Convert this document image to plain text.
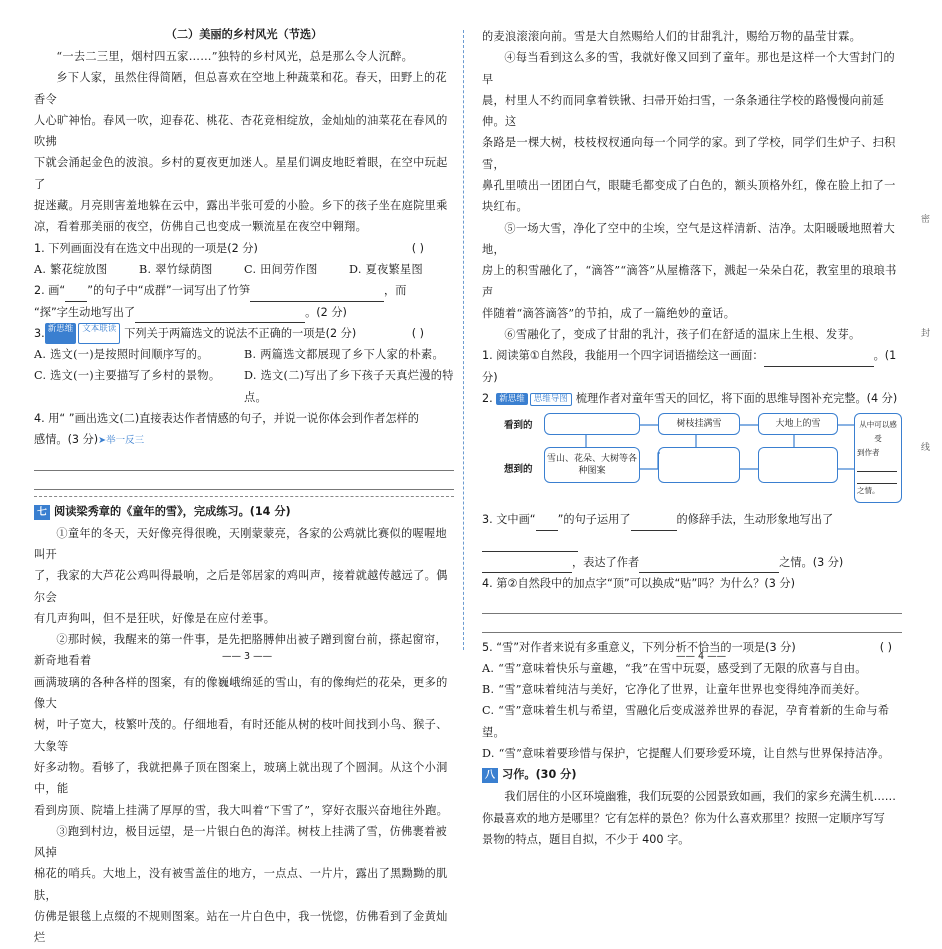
（二）美丽的乡村风光（节选）

“一去二三里，烟村四五家……”独特的乡村风光，总是那么令人沉醉。

乡下人家，虽然住得简陋，但总喜欢在空地上种蔬菜和花。春天，田野上的花香令

人心旷神怡。春风一吹，迎春花、桃花、杏花竞相绽放，金灿灿的油菜花在春风的吹拂

下就会涌起金色的波浪。乡村的夏夜更加迷人。星星们调皮地眨着眼，在空中玩起了

捉迷藏。月亮則害羞地躲在云中，露出半张可爱的小脸。乡下的孩子坐在庭院里乘

凉，看着那美丽的夜空，仿佛自己也变成一颗流星在夜空中翱翔。

1. 下列画面没有在选文中出现的一项是(2 分)	( )
A. 繁花绽放图	B. 翠竹绿荫图	C. 田间劳作图	D. 夏夜繁星图
2. 画“ ”的句子中“成群”一词写出了竹笋	，而
“探”字生动地写出了	。(2 分)
3. 新思维	文本联读 下列关于两篇选文的说法不正确的一项是(2 分)	( )
A. 选文(一)是按照时间顺序写的。	B. 两篇选文都展现了乡下人家的朴素。
C. 选文(一)主要描写了乡村的景物。	D. 选文(二)写出了乡下孩子天真烂漫的特点。
4. 用“ ”画出选文(二)直接表达作者情感的句子，并说一说你体会到作者怎样的
感情。(3 分)➤举一反三
七 阅读梁秀章的《童年的雪》，完成练习。(14 分)

①童年的冬天，天好像亮得很晚，天刚蒙蒙亮，各家的公鸡就比赛似的喔喔地叫开

了，我家的大芦花公鸡叫得最响，之后是邻居家的鸡叫声，接着就越传越远了。偶尔会

有几声狗叫，但不是狂吠，好像是在应付差事。

②那时候，我醒来的第一件事，是先把胳膊伸出被子蹭到窗台前，搽起窗帘，新奇地看着

画满玻璃的各种各样的图案，有的像巍峨绵延的雪山，有的像绚烂的花朵，更多的像大

树，叶子宽大，枝繁叶茂的。仔细地看，有时还能从树的枝叶间找到小鸟、猴子、大象等

好多动物。看够了，我就把鼻子顶在图案上，玻璃上就出现了个圆洞。从这个小洞中，能

看到房顶、院墙上挂满了厚厚的雪，我大叫着“下雪了”，穿好衣服兴奋地往外跑。

③跑到村边，极目远望，是一片银白色的海洋。树枝上挂满了雪，仿佛裹着被风掉

棉花的哨兵。大地上，没有被雪盖住的地方，一点点、一片片，露出了黑黝黝的肌肤，

仿佛是银毯上点缀的不规则图案。站在一片白色中，我一恍惚，仿佛看到了金黄灿烂

—— 3 ——

的麦浪滚滚向前。雪是大自然赐给人们的甘甜乳汁，赐给万物的晶莹甘霖。

④每当看到这么多的雪，我就好像又回到了童年。那也是这样一个大雪封门的早

晨，村里人不约而同拿着铁锹、扫帚开始扫雪，一条条通往学校的路慢慢向前延伸。这

条路是一棵大树，枝枝杈杈通向每一个同学的家。到了学校，同学们生炉子、扫积雪，

鼻孔里喷出一团团白气，眼睫毛都变成了白色的，额头顶格外红，像在脸上扣了一块红布。

⑤一场大雪，净化了空中的尘埃，空气是这样清新、洁净。太阳暖暖地照着大地，

房上的积雪融化了，“滴答”“滴答”从屋檐落下，溅起一朵朵白花，教室里的琅琅书声

伴随着“滴答滴答”的节拍，成了一篇绝妙的童话。

⑥雪融化了，变成了甘甜的乳汁，孩子们在舒适的温床上生根、发芽。

1. 阅读第①自然段，我能用一个四字词语描绘这一画面：	。(1 分)
2. 新思维 思维导图 梳理作者对童年雪天的回忆，将下面的思维导图补充完整。(4 分)
看到的
想到的
树枝挂满雪	大地上的雪
雪山、花朵、大树等各种图案
从中可以感受
到作者
之情。
3. 文中画“ ”的句子运用了	的修辞手法，生动形象地写出了
，表达了作者	之情。(3 分)
4. 第②自然段中的加点字“顶”可以换成“贴”吗？为什么？(3 分)
5. “雪”对作者来说有多重意义，下列分析不恰当的一项是(3 分)	( )
A. “雪”意味着快乐与童趣，“我”在雪中玩耍，感受到了无限的欣喜与自由。
B. “雪”意味着纯洁与美好，它净化了世界，让童年世界也变得纯净而美好。
C. “雪”意味着生机与希望，雪融化后变成滋养世界的春泥，孕育着新的生命与希望。
D. “雪”意味着要珍惜与保护，它提醒人们要珍爱环境，让自然与世界保持洁净。
八 习作。(30 分)

我们居住的小区环境幽雅，我们玩耍的公园景致如画，我们的家乡充满生机……

你最喜欢的地方是哪里？它有怎样的景色？你为什么喜欢那里？按照一定顺序写写

景物的特点，题目自拟，不少于 400 字。

—— 4 ——
密
封
线
